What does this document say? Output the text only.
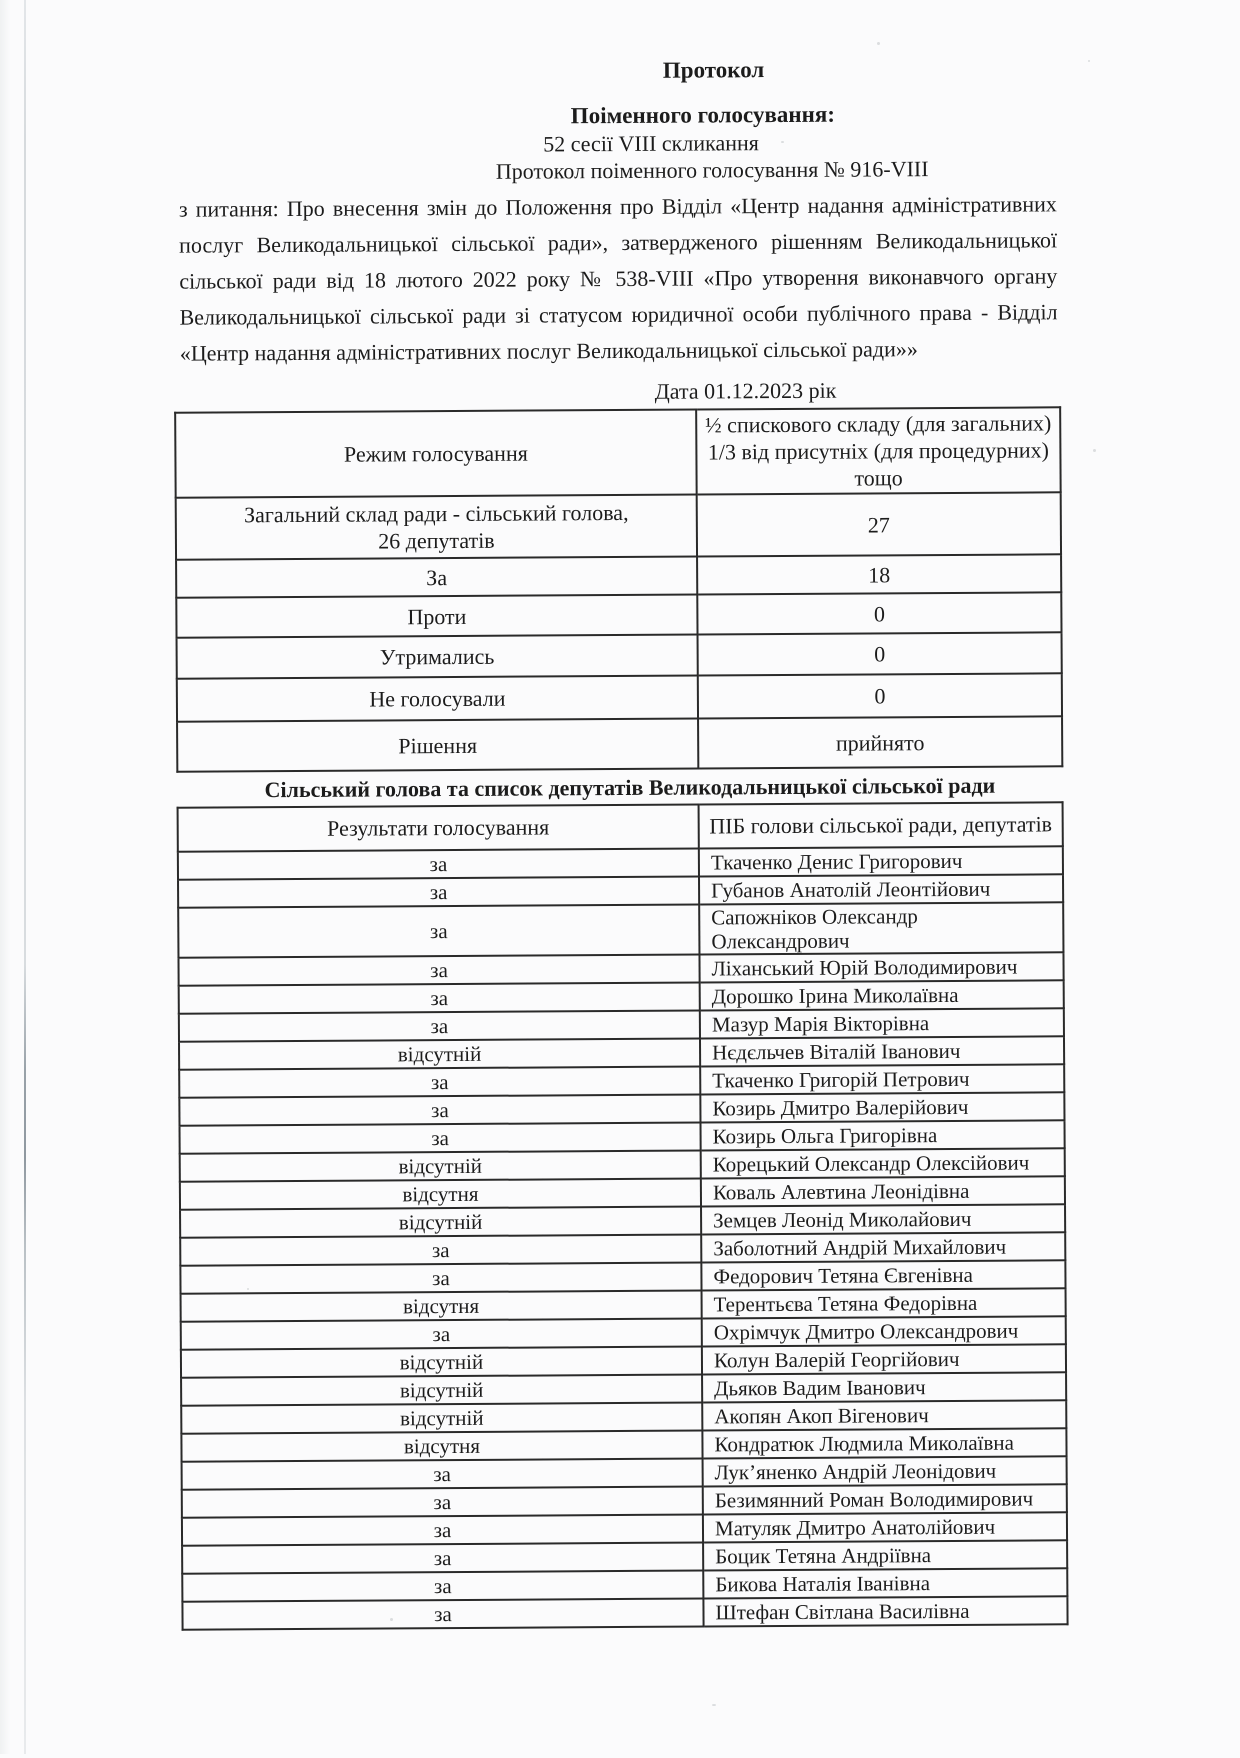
Протокол
Поіменного голосування:
52 сесії VIII скликання
Протокол поіменного голосування № 916-VIII

з питання: Про внесення змін до Положення про Відділ «Центр надання адміністративних послуг Великодальницької сільської ради», затвердженого рішенням Великодальницької сільської ради від 18 лютого 2022 року № 538-VIII «Про утворення виконавчого органу Великодальницької сільської ради зі статусом юридичної особи публічного права - Відділ «Центр надання адміністративних послуг Великодальницької сільської ради»»

Дата 01.12.2023 рік
Режим голосування	½ спискового складу (для загальних)
1/3 від присутніх (для процедурних) тощо
Загальний склад ради - сільський голова,
26 депутатів	27
За	18
Проти	0
Утримались	0
Не голосували	0
Рішення	прийнято
Сільський голова та список депутатів Великодальницької сільської ради
Результати голосування	ПІБ голови сільської ради, депутатів
за	Ткаченко Денис Григорович
за	Губанов Анатолій Леонтійович
за	Сапожніков Олександр Олександрович
за	Ліханський Юрій Володимирович
за	Дорошко Ірина Миколаївна
за	Мазур Марія Вікторівна
відсутній	Нєдєльчев Віталій Іванович
за	Ткаченко Григорій Петрович
за	Козирь Дмитро Валерійович
за	Козирь Ольга Григорівна
відсутній	Корецький Олександр Олексійович
відсутня	Коваль Алевтина Леонідівна
відсутній	Земцев Леонід Миколайович
за	Заболотний Андрій Михайлович
за	Федорович Тетяна Євгенівна
відсутня	Терентьєва Тетяна Федорівна
за	Охрімчук Дмитро Олександрович
відсутній	Колун Валерій Георгійович
відсутній	Дьяков Вадим Іванович
відсутній	Акопян Акоп Вігенович
відсутня	Кондратюк Людмила Миколаївна
за	Лук’яненко Андрій Леонідович
за	Безимянний Роман Володимирович
за	Матуляк Дмитро Анатолійович
за	Боцик Тетяна Андріївна
за	Бикова Наталія Іванівна
за	Штефан Світлана Василівна
